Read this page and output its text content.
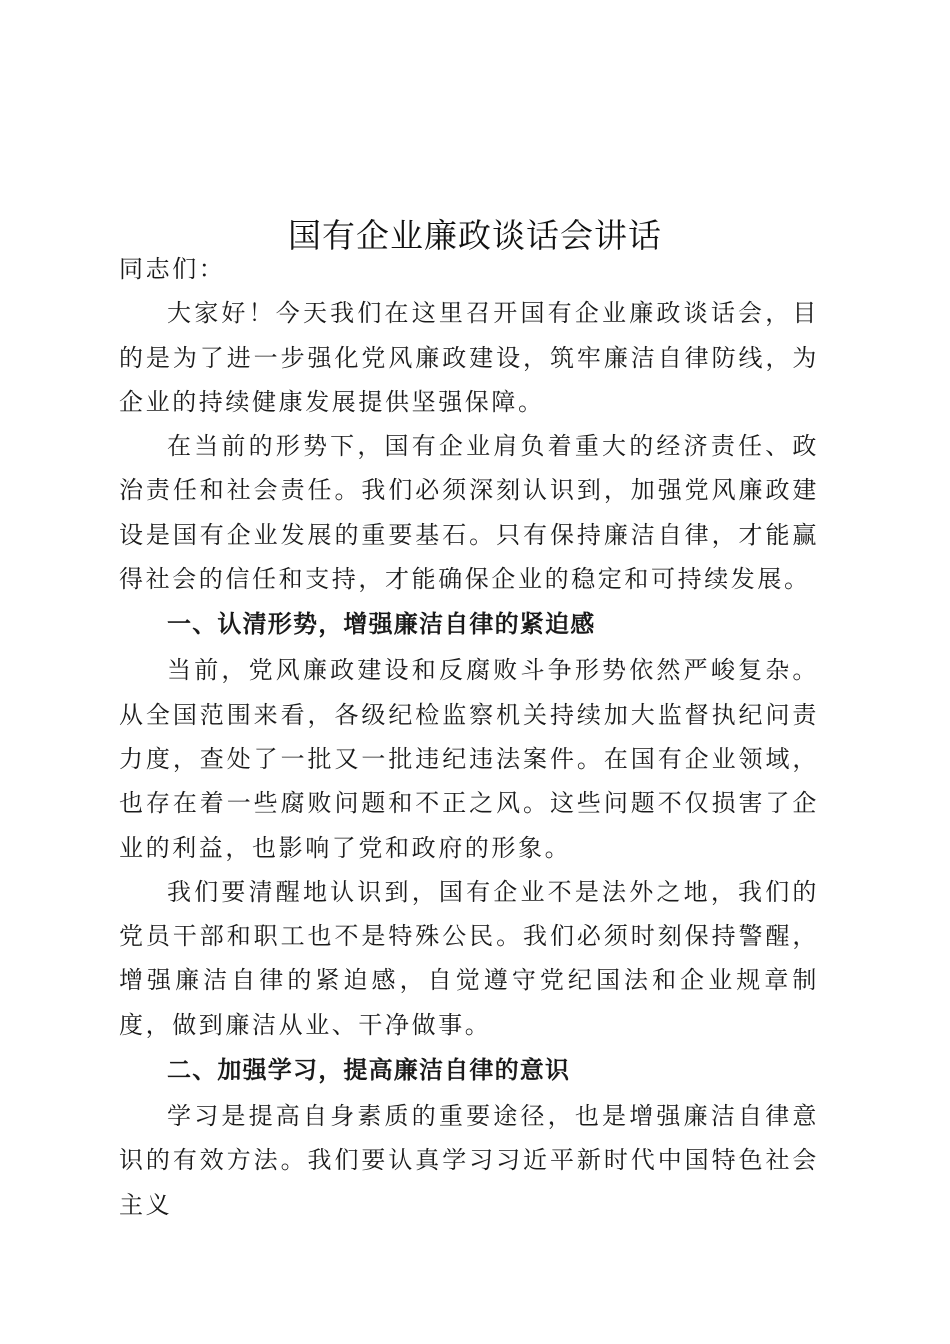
国有企业廉政谈话会讲话

同志们：

大家好！今天我们在这里召开国有企业廉政谈话会，目的是为了进一步强化党风廉政建设，筑牢廉洁自律防线，为企业的持续健康发展提供坚强保障。

在当前的形势下，国有企业肩负着重大的经济责任、政治责任和社会责任。我们必须深刻认识到，加强党风廉政建设是国有企业发展的重要基石。只有保持廉洁自律，才能赢得社会的信任和支持，才能确保企业的稳定和可持续发展。

一、认清形势，增强廉洁自律的紧迫感

当前，党风廉政建设和反腐败斗争形势依然严峻复杂。从全国范围来看，各级纪检监察机关持续加大监督执纪问责力度，查处了一批又一批违纪违法案件。在国有企业领域，也存在着一些腐败问题和不正之风。这些问题不仅损害了企业的利益，也影响了党和政府的形象。

我们要清醒地认识到，国有企业不是法外之地，我们的党员干部和职工也不是特殊公民。我们必须时刻保持警醒，增强廉洁自律的紧迫感，自觉遵守党纪国法和企业规章制度，做到廉洁从业、干净做事。

二、加强学习，提高廉洁自律的意识

学习是提高自身素质的重要途径，也是增强廉洁自律意识的有效方法。我们要认真学习习近平新时代中国特色社会主义
